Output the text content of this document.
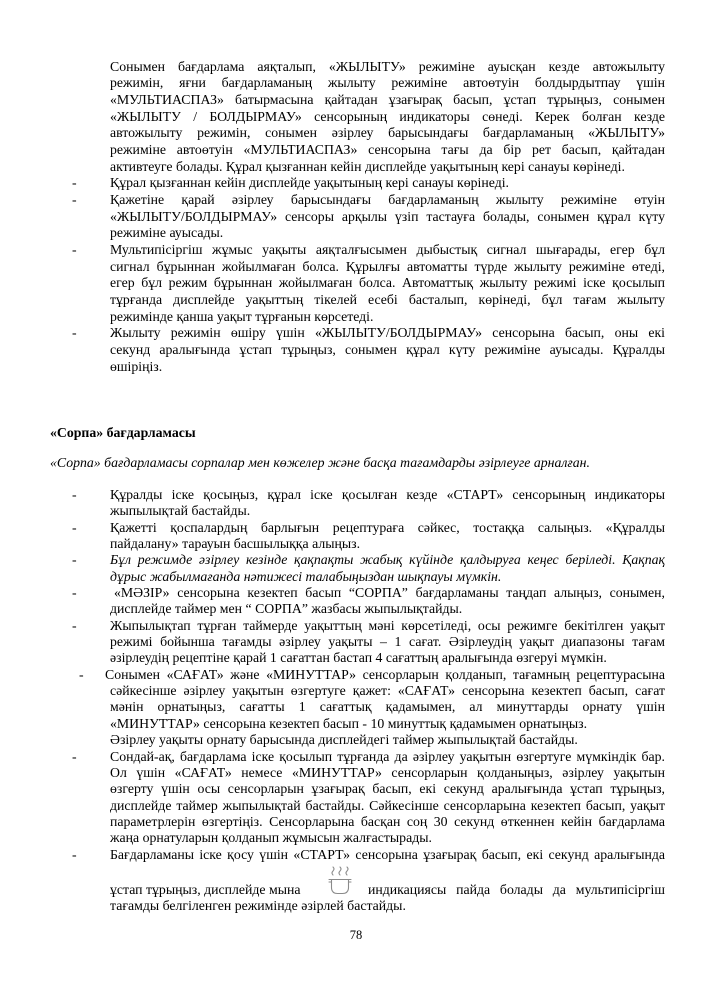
Сонымен бағдарлама аяқталып, «ЖЫЛЫТУ» режиміне ауысқан кезде автожылыту
режимін, яғни бағдарламаның жылыту режиміне автоөтуін болдырдытпау үшін
«МУЛЬТИАСПАЗ» батырмасына қайтадан ұзағырақ басып, ұстап тұрыңыз, сонымен
«ЖЫЛЫТУ / БОЛДЫРМАУ» сенсорының индикаторы сөнеді. Керек болған кезде
автожылыту режимін, сонымен әзірлеу барысындағы бағдарламаның «ЖЫЛЫТУ»
режиміне автоөтуін «МУЛЬТИАСПАЗ» сенсорына тағы да бір рет басып, қайтадан
активтеуге болады. Құрал қызғаннан кейін дисплейде уақытының кері санауы көрінеді.
- Құрал қызғаннан кейін дисплейде уақытының кері санауы көрінеді.
- Қажетіне қарай әзірлеу барысындағы бағдарламаның жылыту режиміне өтуін
«ЖЫЛЫТУ/БОЛДЫРМАУ» сенсоры арқылы үзіп тастауға болады, сонымен құрал күту
режиміне ауысады.
- Мультипісіргіш жұмыс уақыты аяқталғысымен дыбыстық сигнал шығарады, егер бұл
сигнал бұрыннан жойылмаған болса. Құрылғы автоматты түрде жылыту режиміне өтеді,
егер бұл режим бұрыннан жойылмаған болса. Автоматтық жылыту режимі іске қосылып
тұрғанда дисплейде уақыттың тікелей есебі басталып, көрінеді, бұл тағам жылыту
режимінде қанша уақыт тұрғанын көрсетеді.
- Жылыту режимін өшіру үшін «ЖЫЛЫТУ/БОЛДЫРМАУ» сенсорына басып, оны екі
секунд аралығында ұстап тұрыңыз, сонымен құрал күту режиміне ауысады. Құралды
өшіріңіз.
«Сорпа» бағдарламасы
«Сорпа» бағдарламасы сорпалар мен көжелер және басқа тағамдарды әзірлеуге арналған.
- Құралды іске қосыңыз, құрал іске қосылған кезде «СТАРТ» сенсорының индикаторы
жыпылықтай бастайды.
- Қажетті қоспалардың барлығын рецептураға сәйкес, тостаққа салыңыз. «Құралды
пайдалану» тарауын басшылыққа алыңыз.
- Бұл режимде әзірлеу кезінде қақпақты жабық күйінде қалдыруға кеңес беріледі. Қақпақ
дұрыс жабылмағанда нәтижесі талабыңыздан шықпауы мүмкін.
-	«МӘЗІР» сенсорына кезектеп басып “СОРПА” бағдарламаны таңдап алыңыз, сонымен,
дисплейде таймер мен “ СОРПА” жазбасы жыпылықтайды.
- Жыпылықтап тұрған таймерде уақыттың мәні көрсетіледі, осы режимге бекітілген уақыт
режимі бойынша тағамды әзірлеу уақыты – 1 сағат. Әзірлеудің уақыт диапазоны тағам
әзірлеудің рецептіне қарай 1 сағаттан бастап 4 сағаттың аралығында өзгеруі мүмкін.
- Сонымен «САҒАТ» және «МИНУТТАР» сенсорларын қолданып, тағамның рецептурасына
сәйкесінше әзірлеу уақытын өзгертуге қажет: «САҒАТ» сенсорына кезектеп басып, сағат
мәнін орнатыңыз, сағатты 1 сағаттық қадамымен, ал минуттарды орнату үшін
«МИНУТТАР» сенсорына кезектеп басып - 10 минуттық қадамымен орнатыңыз.
Әзірлеу уақыты орнату барысында дисплейдегі таймер жыпылықтай бастайды.
- Сондай-ақ, бағдарлама іске қосылып тұрғанда да әзірлеу уақытын өзгертуге мүмкіндік бар.
Ол үшін «САҒАТ» немесе «МИНУТТАР» сенсорларын қолданыңыз, әзірлеу уақытын
өзгерту үшін осы сенсорларын ұзағырақ басып, екі секунд аралығында ұстап тұрыңыз,
дисплейде таймер жыпылықтай бастайды. Сәйкесінше сенсорларына кезектеп басып, уақыт
параметрлерін өзгертіңіз. Сенсорларына басқан соң 30 секунд өткеннен кейін бағдарлама
жаңа орнатуларын қолданып жұмысын жалғастырады.
- Бағдарламаны іске қосу үшін «СТАРТ» сенсорына ұзағырақ басып, екі секунд аралығында
ұстап тұрыңыз, дисплейде мына	индикациясы пайда болады да мультипісіргіш
тағамды белгіленген режимінде әзірлей бастайды.
78
